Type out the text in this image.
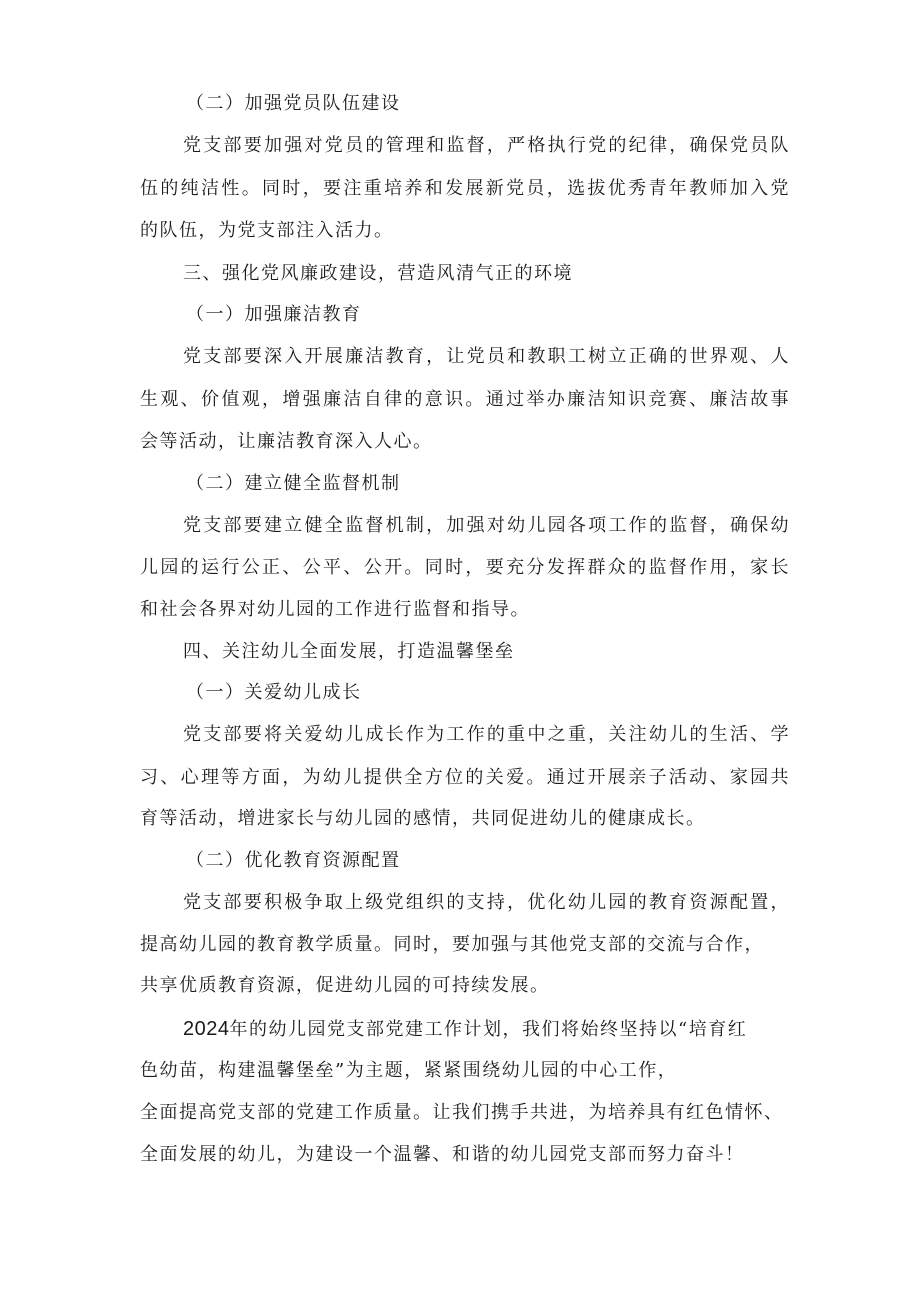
（二）加强党员队伍建设
党支部要加强对党员的管理和监督，严格执行党的纪律，确保党员队
伍的纯洁性。同时，要注重培养和发展新党员，选拔优秀青年教师加入党
的队伍，为党支部注入活力。
三、强化党风廉政建设，营造风清气正的环境
（一）加强廉洁教育
党支部要深入开展廉洁教育，让党员和教职工树立正确的世界观、人
生观、价值观，增强廉洁自律的意识。通过举办廉洁知识竞赛、廉洁故事
会等活动，让廉洁教育深入人心。
（二）建立健全监督机制
党支部要建立健全监督机制，加强对幼儿园各项工作的监督，确保幼
儿园的运行公正、公平、公开。同时，要充分发挥群众的监督作用，家长
和社会各界对幼儿园的工作进行监督和指导。
四、关注幼儿全面发展，打造温馨堡垒
（一）关爱幼儿成长
党支部要将关爱幼儿成长作为工作的重中之重，关注幼儿的生活、学
习、心理等方面，为幼儿提供全方位的关爱。通过开展亲子活动、家园共
育等活动，增进家长与幼儿园的感情，共同促进幼儿的健康成长。
（二）优化教育资源配置
党支部要积极争取上级党组织的支持，优化幼儿园的教育资源配置，
提高幼儿园的教育教学质量。同时，要加强与其他党支部的交流与合作，
共享优质教育资源，促进幼儿园的可持续发展。
2024年的幼儿园党支部党建工作计划，我们将始终坚持以“培育红
色幼苗，构建温馨堡垒”为主题，紧紧围绕幼儿园的中心工作，
全面提高党支部的党建工作质量。让我们携手共进，为培养具有红色情怀、
全面发展的幼儿，为建设一个温馨、和谐的幼儿园党支部而努力奋斗！
